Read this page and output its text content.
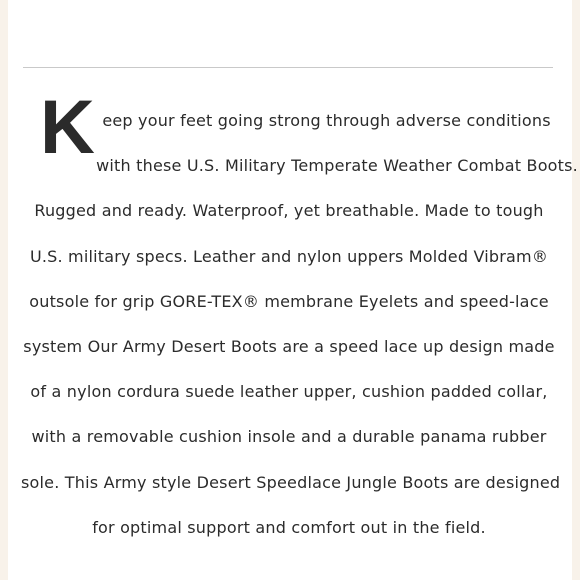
K eep your feet going strong through adverse conditions
with these U.S. Military Temperate Weather Combat Boots.
Rugged and ready. Waterproof, yet breathable. Made to tough
U.S. military specs. Leather and nylon uppers Molded Vibram®
outsole for grip GORE-TEX® membrane Eyelets and speed-lace
system Our Army Desert Boots are a speed lace up design made
of a nylon cordura suede leather upper, cushion padded collar,
with a removable cushion insole and a durable panama rubber
sole. This Army style Desert Speedlace Jungle Boots are designed
for optimal support and comfort out in the field.
